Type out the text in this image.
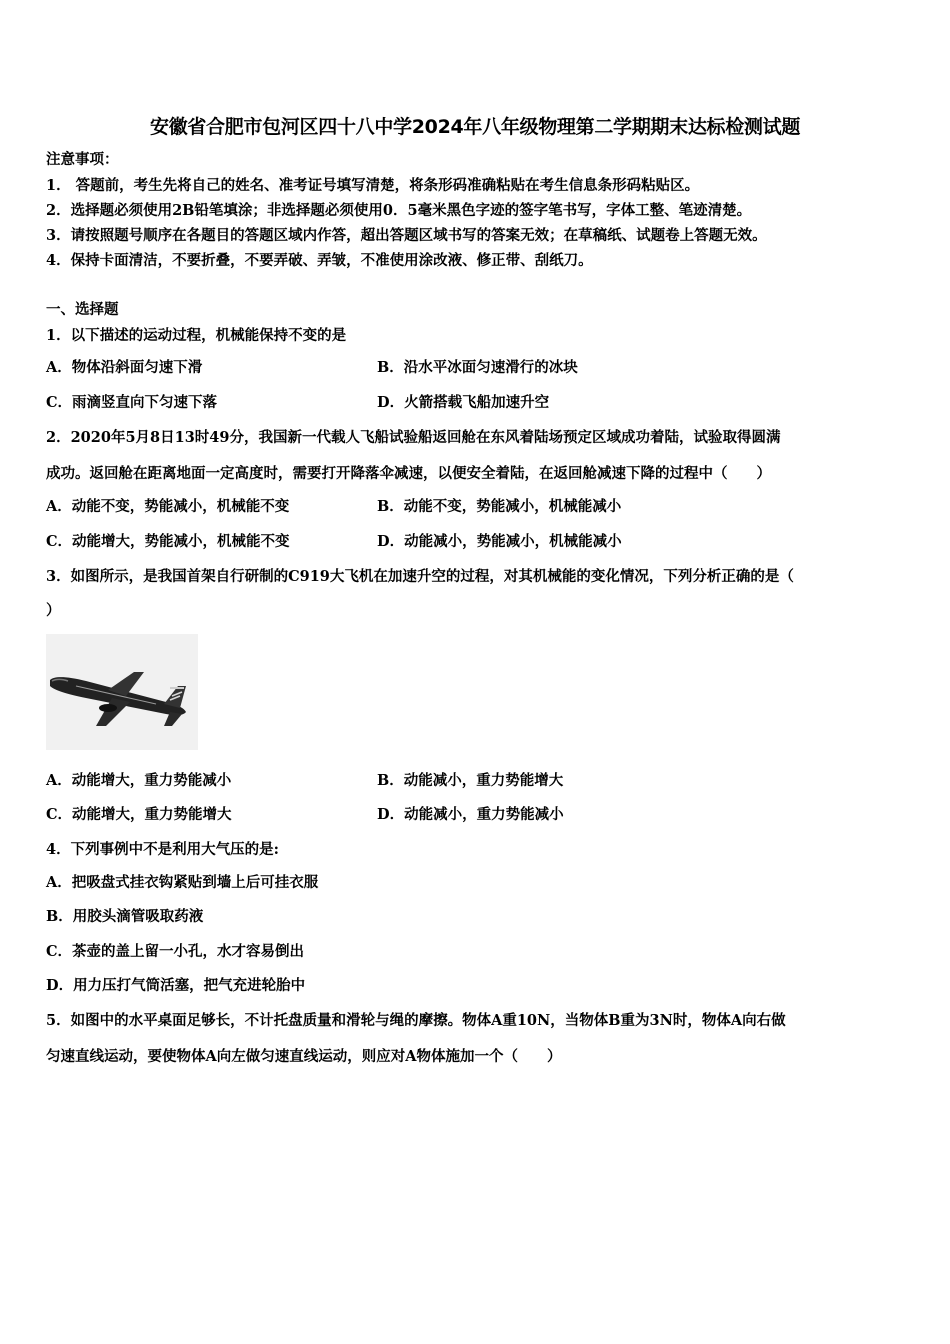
安徽省合肥市包河区四十八中学2024年八年级物理第二学期期末达标检测试题
注意事项：
1． 答题前，考生先将自己的姓名、准考证号填写清楚，将条形码准确粘贴在考生信息条形码粘贴区。
2．选择题必须使用2B铅笔填涂；非选择题必须使用0．5毫米黑色字迹的签字笔书写，字体工整、笔迹清楚。
3．请按照题号顺序在各题目的答题区域内作答，超出答题区域书写的答案无效；在草稿纸、试题卷上答题无效。
4．保持卡面清洁，不要折叠，不要弄破、弄皱，不准使用涂改液、修正带、刮纸刀。
一、选择题
1．以下描述的运动过程，机械能保持不变的是
A．物体沿斜面匀速下滑	B．沿水平冰面匀速滑行的冰块
C．雨滴竖直向下匀速下落	D．火箭搭载飞船加速升空
2．2020年5月8日13时49分，我国新一代载人飞船试验船返回舱在东风着陆场预定区域成功着陆，试验取得圆满
成功。返回舱在距离地面一定高度时，需要打开降落伞减速，以便安全着陆，在返回舱减速下降的过程中（　　）
A．动能不变，势能减小，机械能不变	B．动能不变，势能减小，机械能减小
C．动能增大，势能减小，机械能不变	D．动能减小，势能减小，机械能减小
3．如图所示，是我国首架自行研制的C919大飞机在加速升空的过程，对其机械能的变化情况，下列分析正确的是（
）
A．动能增大，重力势能减小	B．动能减小，重力势能增大
C．动能增大，重力势能增大	D．动能减小，重力势能减小
4．下列事例中不是利用大气压的是:
A．把吸盘式挂衣钩紧贴到墙上后可挂衣服
B．用胶头滴管吸取药液
C．茶壶的盖上留一小孔，水才容易倒出
D．用力压打气筒活塞，把气充进轮胎中
5．如图中的水平桌面足够长，不计托盘质量和滑轮与绳的摩擦。物体A重10N，当物体B重为3N时，物体A向右做
匀速直线运动，要使物体A向左做匀速直线运动，则应对A物体施加一个（　　）
